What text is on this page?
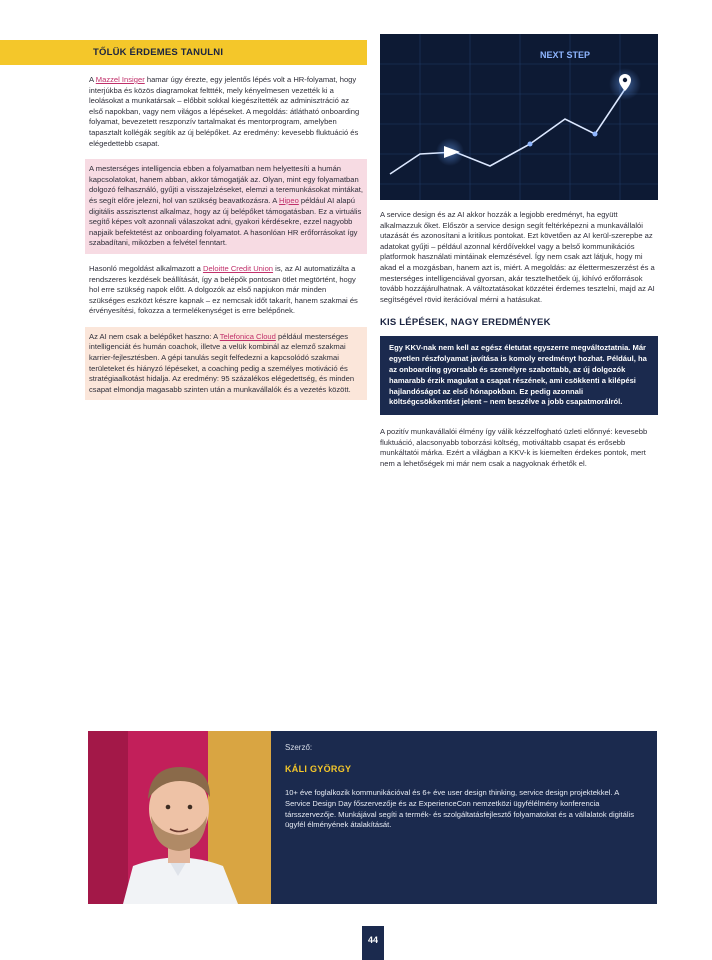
TŐLÜK ÉRDEMES TANULNI

A Mazzel Insiger hamar úgy érezte, egy jelentős lépés volt a HR-folyamat, hogy interjúkba és közös diagramokat felttték, mely kényelmesen vezették ki a leolásokat a munkatársak – előbbit sokkal kiegészítették az adminisztráció az első napokban, vagy nem világos a lépéseket. A megoldás: átlátható onboarding folyamat, bevezetett reszponzív tartalmakat és mentorprogram, amelyben tapasztalt kollégák segítik az új belépőket. Az eredmény: kevesebb fluktuáció és elégedettebb csapat.

A mesterséges intelligencia ebben a folyamatban nem helyettesíti a humán kapcsolatokat, hanem abban, akkor támogatják az. Olyan, mint egy folyamatban dolgozó felhasználó, gyűjti a visszajelzéseket, elemzi a teremunkásokat mintákat, és segít előre jelezni, hol van szükség beavatkozásra. A Hipeo például AI alapú digitális asszisztenst alkalmaz, hogy az új belépőket támogatásban. Ez a virtuális segítő képes volt azonnali válaszokat adni, gyakori kérdésekre, ezzel nagyobb napjaik befektetést az onboarding folyamatot. A hasonlóan HR erőforrásokat így szabadítani, miközben a felvétel fenntart.

Hasonló megoldást alkalmazott a Deloitte Credit Union is, az AI automatizálta a rendszeres kezdések beállítását, így a belépők pontosan ötlet megtörtént, hogy hol erre szükség napok előtt. A dolgozók az első napjukon már minden szükséges eszközt készre kapnak – ez nemcsak időt takarít, hanem szakmai és érvényesítési, fokozza a termelékenységet is erre belépőnek.

Az AI nem csak a belépőket haszno: A Telefonica Cloud például mesterséges intelligenciát és humán coachok, illetve a velük kombinál az elemző szakmai karrier-fejlesztésben. A gépi tanulás segít felfedezni a kapcsolódó szakmai területeket és hiányzó lépéseket, a coaching pedig a személyes motiváció és stratégiaalkotást hidalja. Az eredmény: 95 százalékos elégedettség, és minden csapat elmondja magasabb szinten után a munkavállalók és a vezetés között.

NEXT STEP

A service design és az AI akkor hozzák a legjobb eredményt, ha együtt alkalmazzuk őket. Először a service design segít feltérképezni a munkavállalói utazását és azonosítani a kritikus pontokat. Ezt követően az AI kerül-szerepbe az adatokat gyűjti – például azonnal kérdőívekkel vagy a belső kommunikációs platformok használati mintáinak elemzésével. Így nem csak azt látjuk, hogy mi akad el a mozgásban, hanem azt is, miért. A megoldás: az élettermeszerzést és a mesterséges intelligenciával gyorsan, akár tesztelhetőek új, kihívó erőforrások tovább hozzájárulhatnak. A változtatásokat közzétei érdemes tesztelni, majd az AI segítségével rövid iterációval mérni a hatásukat.

KIS LÉPÉSEK, NAGY EREDMÉNYEK
Egy KKV-nak nem kell az egész életutat egyszerre megváltoztatnia. Már egyetlen részfolyamat javítása is komoly eredményt hozhat. Például, ha az onboarding gyorsabb és személyre szabottabb, az új dolgozók hamarabb érzik magukat a csapat részének, ami csökkenti a kilépési hajlandóságot az első hónapokban. Ez pedig azonnali költségcsökkentést jelent – nem beszélve a jobb csapatmorálról.

A pozitív munkavállalói élmény így válik kézzelfogható üzleti előnnyé: kevesebb fluktuáció, alacsonyabb toborzási költség, motiváltabb csapat és erősebb munkáltatói márka. Ezért a világban a KKV-k is kiemelten érdekes pontok, mert nem a lehetőségek mi már nem csak a nagyoknak érhetők el.

Szerző:
KÁLI GYÖRGY
10+ éve foglalkozik kommunikációval és 6+ éve user design thinking, service design projektekkel. A Service Design Day főszervezője és az ExperienceCon nemzetközi ügyfélélmény konferencia társszervezője. Munkájával segíti a termék- és szolgáltatásfejlesztő folyamatokat és a vállalatok digitális ügyfél élményének átalakítását.
44
